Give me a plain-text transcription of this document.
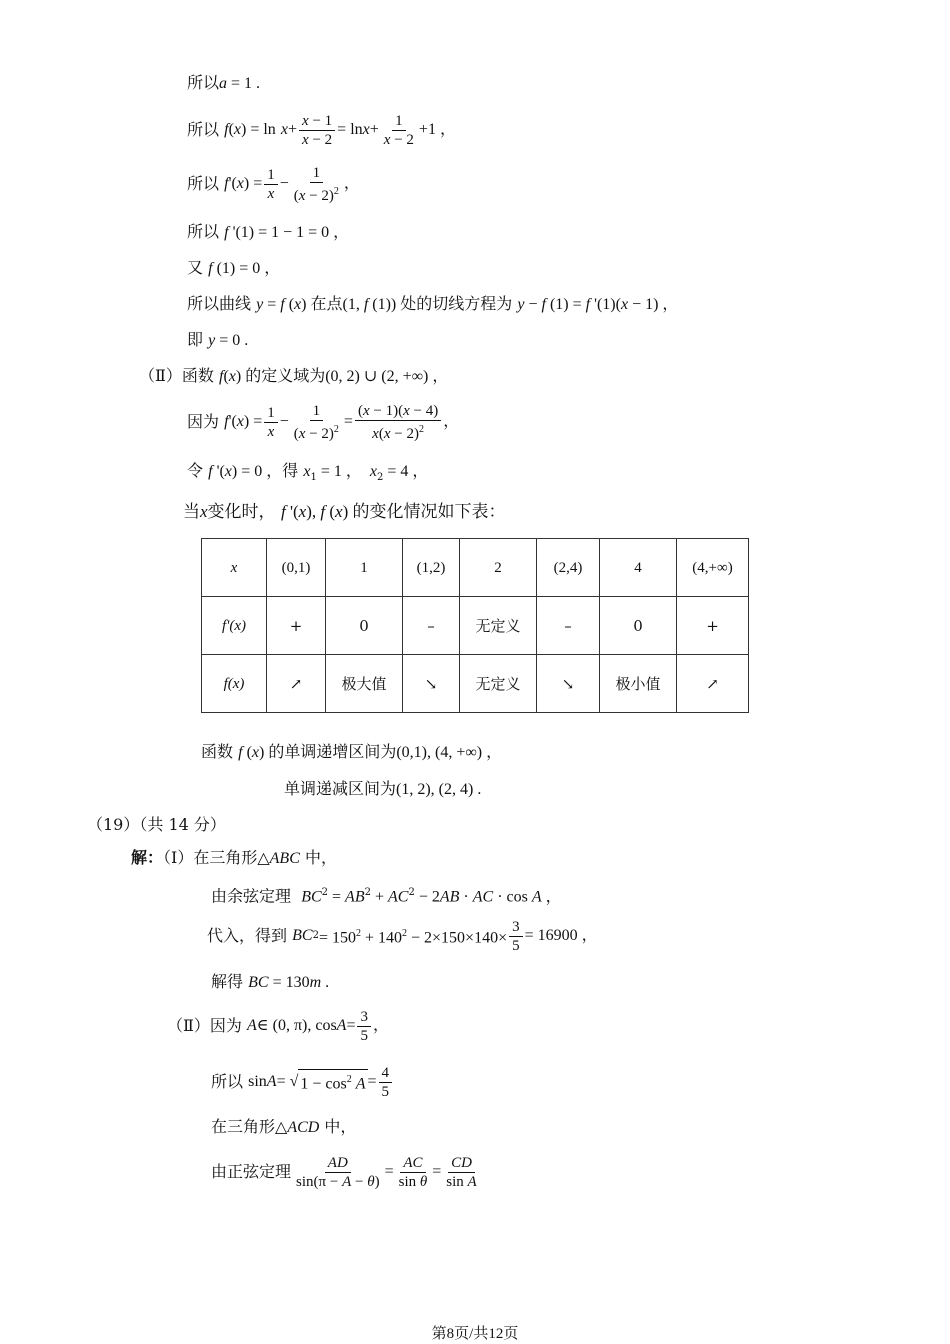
所以a = 1 .
所以
f ( x ) = ln
$x + \frac{x - 1}{x - 2} = \ln x + \frac{1}{x - 2} +1$ ，
所以
f '( x ) = $\frac{1}{x} - \frac{1}{(x - 2)^2}$ ，
所以 f '(1) = 1 − 1 = 0 ，
又 f (1) = 0 ，
所以曲线 y = f (x) 在点(1, f (1)) 处的切线方程为 y − f (1) = f '(1)(x − 1) ，
即 y = 0 .
（Ⅱ）函数 f(x) 的定义域为(0, 2) ∪ (2, +∞) ，
因为
f '( x ) = $\frac{1}{x} - \frac{1}{(x - 2)^2} = \frac{(x - 1)(x - 4)}{x(x - 2)^2}$ ，
令 f '(x) = 0 ，得 $x_1 = 1$ ，  $x_2 = 4$ ，
当x变化时， f '(x), f (x) 的变化情况如下表：
x	(0,1)	1	(1,2)	2	(2,4)	4	(4,+∞)
f'(x)	+	0	–	无定义	–	0	+
f(x)	↗	极大值	↘	无定义	↘	极小值	↗
函数 f (x) 的单调递增区间为(0,1), (4, +∞) ，
单调递减区间为(1, 2), (2, 4) .
（19）（共 14 分）
解：（Ⅰ）在三角形△ABC 中，
由余弦定理 $BC^2 = AB^2 + AC^2 - 2AB$ · AC · cos A ，
代入，得到
BC $2 = 150^2 + 140^2 - 2\times 150\times 140\times \frac{3}{5} = 16900$ ，
解得 BC = 130m .
（Ⅱ）因为
A ∈ (0, π), $\cos A = \frac{3}{5}$ ，
所以
sin A = √ $1 - \cos^2 A = \frac{4}{5}$
在三角形△ACD 中，
由正弦定理 $\frac{AD}{\sin(\pi - A - \theta)} = \frac{AC}{\text{sin θ}} = \frac{CD}{\text{sin A}}$
第8页/共12页
